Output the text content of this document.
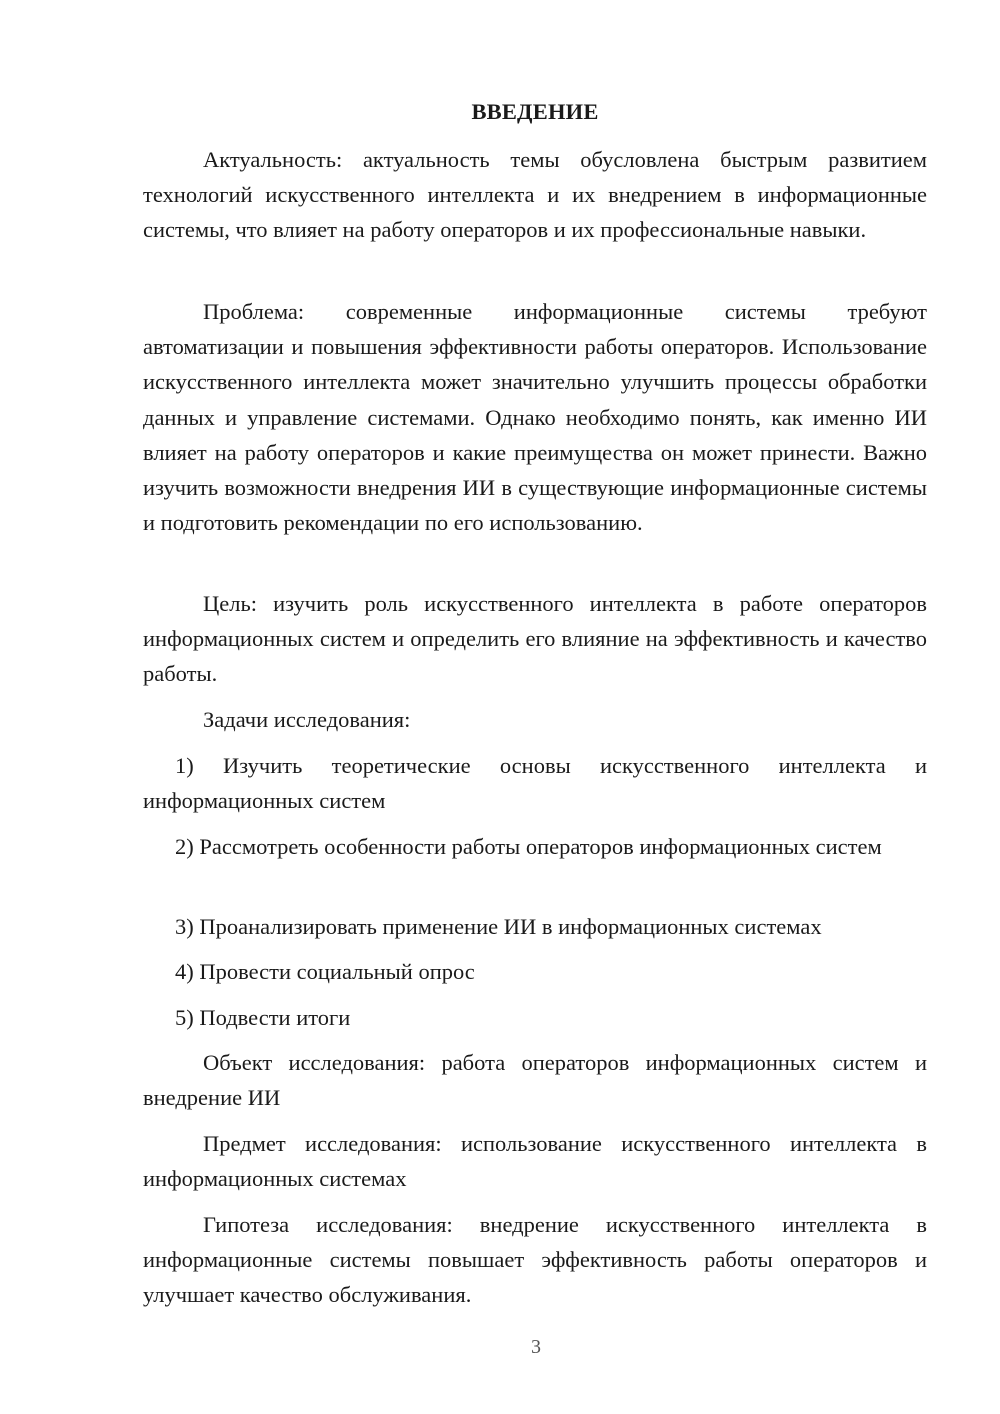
ВВЕДЕНИЕ

Актуальность: актуальность темы обусловлена быстрым развитием технологий искусственного интеллекта и их внедрением в информационные системы, что влияет на работу операторов и их профессиональные навыки.

Проблема: современные информационные системы требуют автоматизации и повышения эффективности работы операторов. Использование искусственного интеллекта может значительно улучшить процессы обработки данных и управление системами. Однако необходимо понять, как именно ИИ влияет на работу операторов и какие преимущества он может принести. Важно изучить возможности внедрения ИИ в существующие информационные системы и подготовить рекомендации по его использованию.

Цель: изучить роль искусственного интеллекта в работе операторов информационных систем и определить его влияние на эффективность и качество работы.

Задачи исследования:

1) Изучить теоретические основы искусственного интеллекта и информационных систем

2) Рассмотреть особенности работы операторов информационных систем

3) Проанализировать применение ИИ в информационных системах

4) Провести социальный опрос

5) Подвести итоги

Объект исследования: работа операторов информационных систем и внедрение ИИ

Предмет исследования: использование искусственного интеллекта в информационных системах

Гипотеза исследования: внедрение искусственного интеллекта в информационные системы повышает эффективность работы операторов и улучшает качество обслуживания.

3
